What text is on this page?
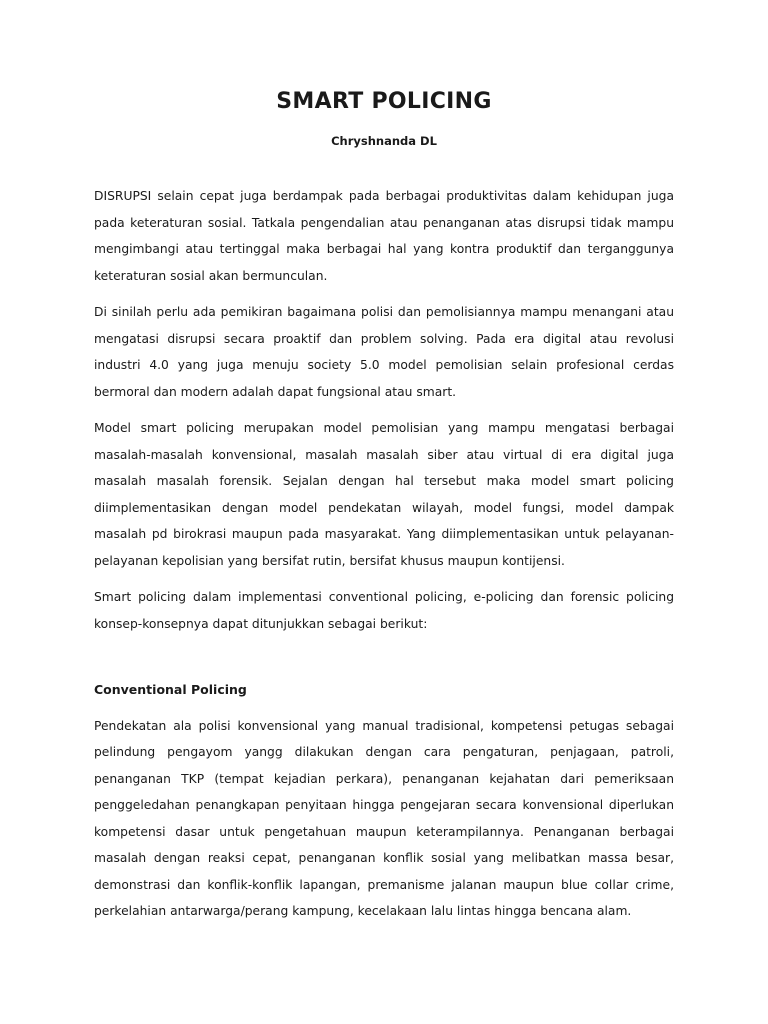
SMART POLICING

Chryshnanda DL

DISRUPSI selain cepat juga berdampak pada berbagai produktivitas dalam kehidupan juga pada keteraturan sosial. Tatkala pengendalian atau penanganan atas disrupsi tidak mampu mengimbangi atau tertinggal maka berbagai hal yang kontra produktif dan terganggunya keteraturan sosial akan bermunculan.

Di sinilah perlu ada pemikiran bagaimana polisi dan pemolisiannya mampu menangani atau mengatasi disrupsi secara proaktif dan problem solving. Pada era digital atau revolusi industri 4.0 yang juga menuju society 5.0 model pemolisian selain profesional cerdas bermoral dan modern adalah dapat fungsional atau smart.

Model smart policing merupakan model pemolisian yang mampu mengatasi berbagai masalah-masalah konvensional, masalah masalah siber atau virtual di era digital juga masalah masalah forensik. Sejalan dengan hal tersebut maka model smart policing diimplementasikan dengan model pendekatan wilayah, model fungsi, model dampak masalah pd birokrasi maupun pada masyarakat. Yang diimplementasikan untuk pelayanan-pelayanan kepolisian yang bersifat rutin, bersifat khusus maupun kontijensi.

Smart policing dalam implementasi conventional policing, e-policing dan forensic policing konsep-konsepnya dapat ditunjukkan sebagai berikut:

Conventional Policing

Pendekatan ala polisi konvensional yang manual tradisional, kompetensi petugas sebagai pelindung pengayom yangg dilakukan dengan cara pengaturan, penjagaan, patroli, penanganan TKP (tempat kejadian perkara), penanganan kejahatan dari pemeriksaan penggeledahan penangkapan penyitaan hingga pengejaran secara konvensional diperlukan kompetensi dasar untuk pengetahuan maupun keterampilannya. Penanganan berbagai masalah dengan reaksi cepat, penanganan konflik sosial yang melibatkan massa besar, demonstrasi dan konflik-konflik lapangan, premanisme jalanan maupun blue collar crime, perkelahian antarwarga/perang kampung, kecelakaan lalu lintas hingga bencana alam.
